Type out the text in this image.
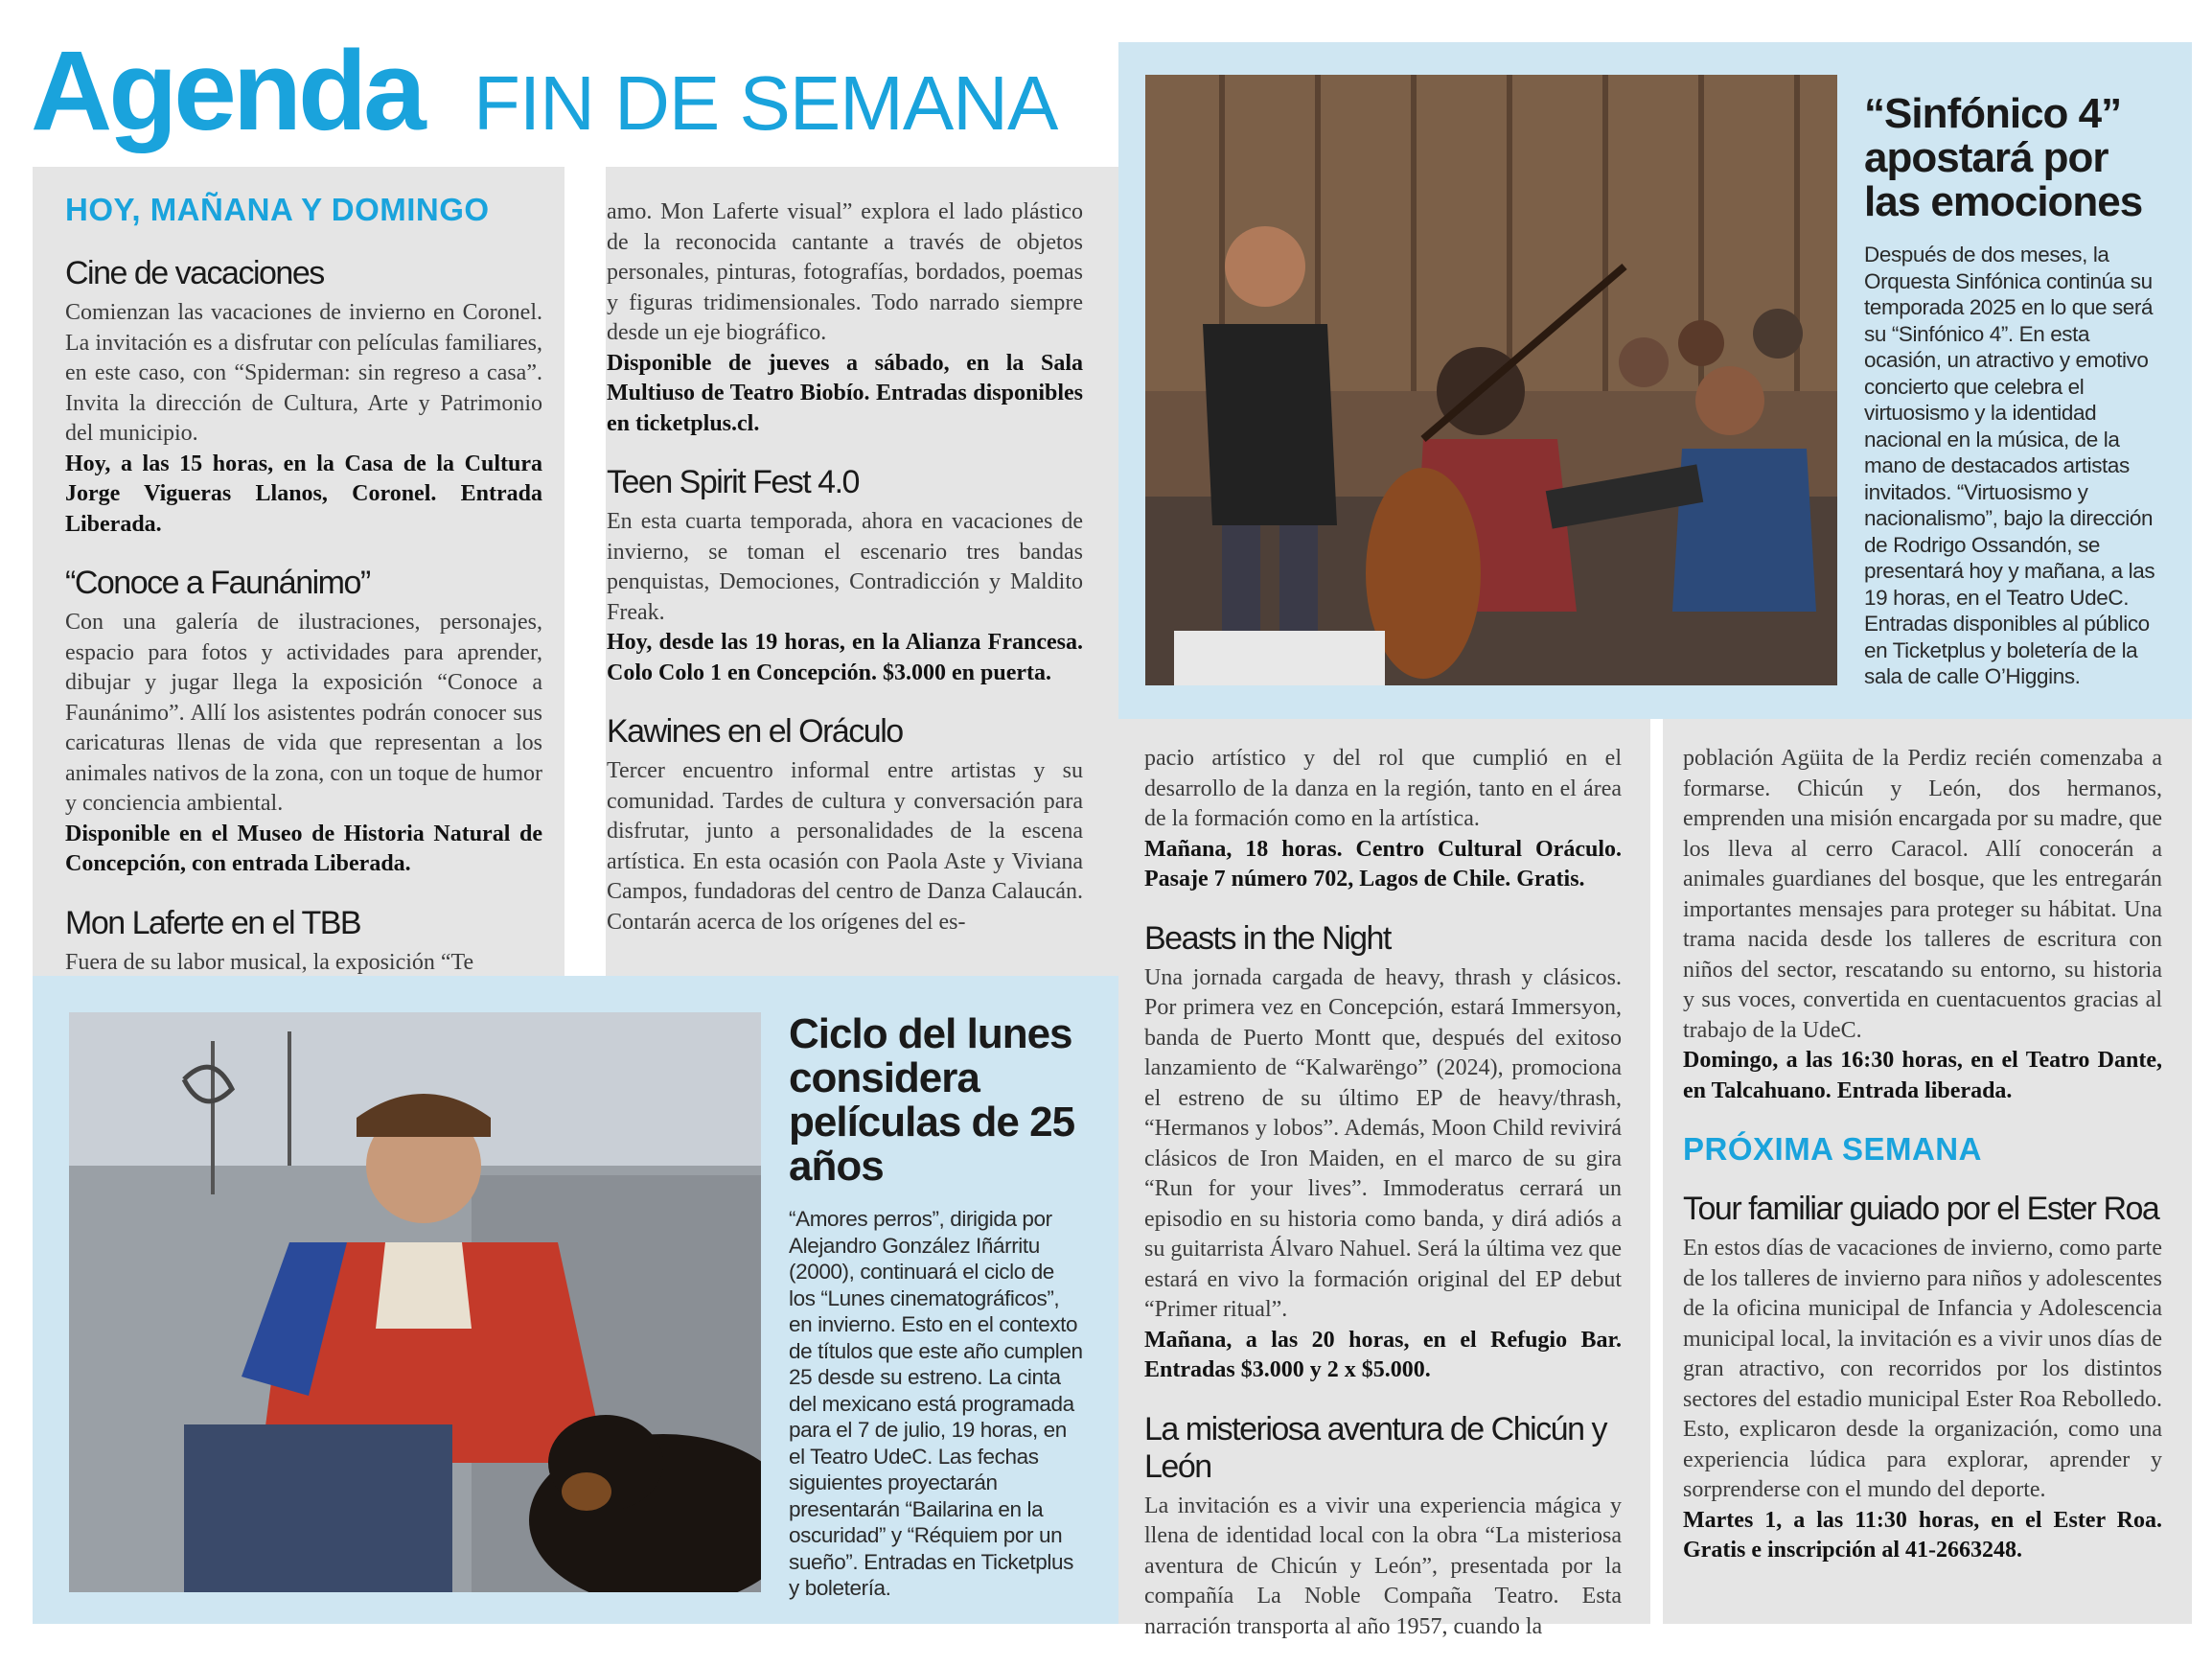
Agenda FIN DE SEMANA
HOY, MAÑANA Y DOMINGO
Cine de vacaciones

Comienzan las vacaciones de invierno en Coronel. La invitación es a disfrutar con películas familiares, en este caso, con “Spiderman: sin regreso a casa”. Invita la dirección de Cultura, Arte y Patrimonio del municipio.

Hoy, a las 15 horas, en la Casa de la Cultura Jorge Vigueras Llanos, Coronel. Entrada Liberada.

“Conoce a Faunánimo”

Con una galería de ilustraciones, personajes, espacio para fotos y actividades para aprender, dibujar y jugar llega la exposición “Conoce a Faunánimo”. Allí los asistentes podrán conocer sus caricaturas llenas de vida que representan a los animales nativos de la zona, con un toque de humor y conciencia ambiental.

Disponible en el Museo de Historia Natural de Concepción, con entrada Liberada.

Mon Laferte en el TBB

Fuera de su labor musical, la exposición “Te

amo. Mon Laferte visual” explora el lado plástico de la reconocida cantante a través de objetos personales, pinturas, fotografías, bordados, poemas y figuras tridimensionales. Todo narrado siempre desde un eje biográfico.

Disponible de jueves a sábado, en la Sala Multiuso de Teatro Biobío. Entradas disponibles en ticketplus.cl.

Teen Spirit Fest 4.0

En esta cuarta temporada, ahora en vacaciones de invierno, se toman el escenario tres bandas penquistas, Demociones, Contradicción y Maldito Freak.

Hoy, desde las 19 horas, en la Alianza Francesa. Colo Colo 1 en Concepción. $3.000 en puerta.

Kawines en el Oráculo

Tercer encuentro informal entre artistas y su comunidad. Tardes de cultura y conversación para disfrutar, junto a personalidades de la escena artística. En esta ocasión con Paola Aste y Viviana Campos, fundadoras del centro de Danza Calaucán. Contarán acerca de los orígenes del es-

“Sinfónico 4” apostará por las emociones

Después de dos meses, la Orquesta Sinfónica continúa su temporada 2025 en lo que será su “Sinfónico 4”. En esta ocasión, un atractivo y emotivo concierto que celebra el virtuosismo y la identidad nacional en la música, de la mano de destacados artistas invitados. “Virtuosismo y nacionalismo”, bajo la dirección de Rodrigo Ossandón, se presentará hoy y mañana, a las 19 horas, en el Teatro UdeC. Entradas disponibles al público en Ticketplus y boletería de la sala de calle O’Higgins.

Ciclo del lunes considera películas de 25 años

“Amores perros”, dirigida por Alejandro González Iñárritu (2000), continuará el ciclo de los “Lunes cinematográficos”, en invierno. Esto en el contexto de títulos que este año cumplen 25 desde su estreno. La cinta del mexicano está programada para el 7 de julio, 19 horas, en el Teatro UdeC. Las fechas siguientes proyectarán presentarán “Bailarina en la oscuridad” y “Réquiem por un sueño”. Entradas en Ticketplus y boletería.

pacio artístico y del rol que cumplió en el desarrollo de la danza en la región, tanto en el área de la formación como en la artística.

Mañana, 18 horas. Centro Cultural Oráculo. Pasaje 7 número 702, Lagos de Chile. Gratis.

Beasts in the Night

Una jornada cargada de heavy, thrash y clásicos. Por primera vez en Concepción, estará Immersyon, banda de Puerto Montt que, después del exitoso lanzamiento de “Kalwarëngo” (2024), promociona el estreno de su último EP de heavy/thrash, “Hermanos y lobos”. Además, Moon Child revivirá clásicos de Iron Maiden, en el marco de su gira “Run for your lives”. Immoderatus cerrará un episodio en su historia como banda, y dirá adiós a su guitarrista Álvaro Nahuel. Será la última vez que estará en vivo la formación original del EP debut “Primer ritual”.

Mañana, a las 20 horas, en el Refugio Bar. Entradas $3.000 y 2 x $5.000.

La misteriosa aventura de Chicún y León

La invitación es a vivir una experiencia mágica y llena de identidad local con la obra “La misteriosa aventura de Chicún y León”, presentada por la compañía La Noble Compaña Teatro. Esta narración transporta al año 1957, cuando la

población Agüita de la Perdiz recién comenzaba a formarse. Chicún y León, dos hermanos, emprenden una misión encargada por su madre, que los lleva al cerro Caracol. Allí conocerán a animales guardianes del bosque, que les entregarán importantes mensajes para proteger su hábitat. Una trama nacida desde los talleres de escritura con niños del sector, rescatando su entorno, su historia y sus voces, convertida en cuentacuentos gracias al trabajo de la UdeC.

Domingo, a las 16:30 horas, en el Teatro Dante, en Talcahuano. Entrada liberada.

PRÓXIMA SEMANA
Tour familiar guiado por el Ester Roa

En estos días de vacaciones de invierno, como parte de los talleres de invierno para niños y adolescentes de la oficina municipal de Infancia y Adolescencia municipal local, la invitación es a vivir unos días de gran atractivo, con recorridos por los distintos sectores del estadio municipal Ester Roa Rebolledo. Esto, explicaron desde la organización, como una experiencia lúdica para explorar, aprender y sorprenderse con el mundo del deporte.

Martes 1, a las 11:30 horas, en el Ester Roa. Gratis e inscripción al 41-2663248.
